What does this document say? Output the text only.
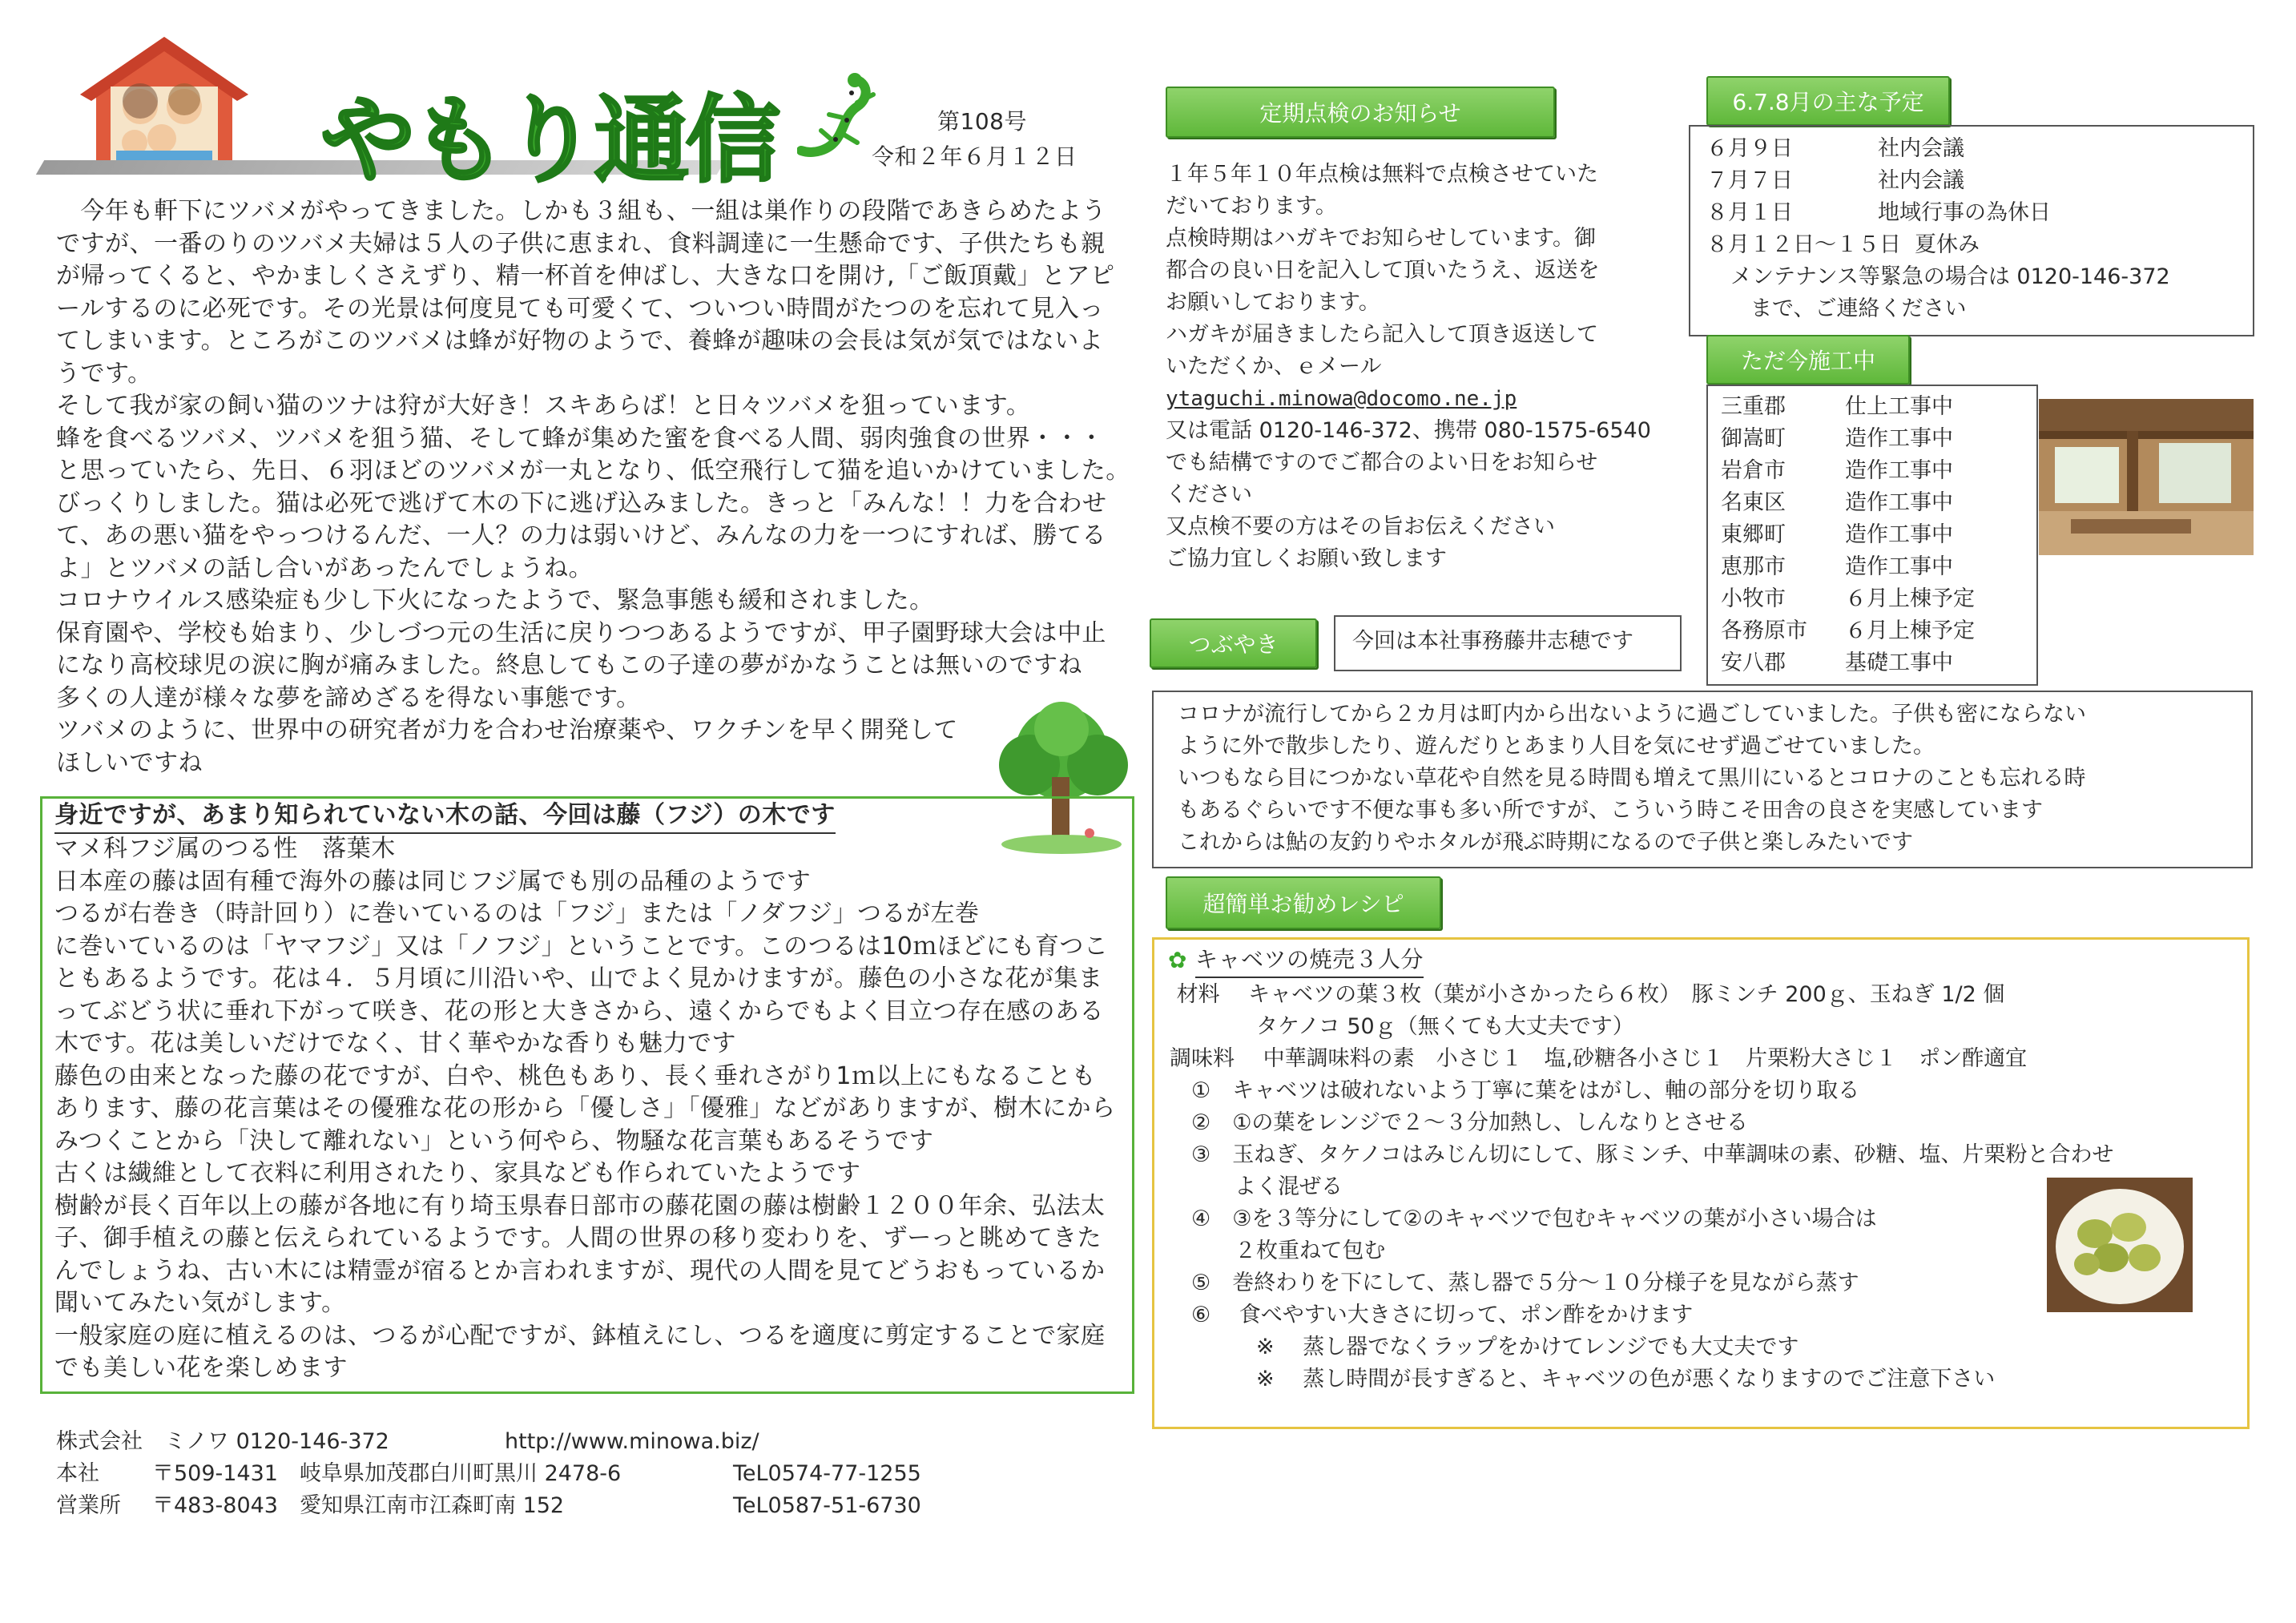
やもり通信	第108号
令和２年６月１２日
　今年も軒下にツバメがやってきました。しかも３組も、一組は巣作りの段階であきらめたよう
ですが、一番のりのツバメ夫婦は５人の子供に恵まれ、食料調達に一生懸命です、子供たちも親
が帰ってくると、やかましくさえずり、精一杯首を伸ばし、大きな口を開け,「ご飯頂戴」とアピ
ールするのに必死です。その光景は何度見ても可愛くて、ついつい時間がたつのを忘れて見入っ
てしまいます。ところがこのツバメは蜂が好物のようで、養蜂が趣味の会長は気が気ではないよ
うです。
そして我が家の飼い猫のツナは狩が大好き！スキあらば！と日々ツバメを狙っています。
蜂を食べるツバメ、ツバメを狙う猫、そして蜂が集めた蜜を食べる人間、弱肉強食の世界・・・
と思っていたら、先日、６羽ほどのツバメが一丸となり、低空飛行して猫を追いかけていました。
びっくりしました。猫は必死で逃げて木の下に逃げ込みました。きっと「みんな！！力を合わせ
て、あの悪い猫をやっつけるんだ、一人？の力は弱いけど、みんなの力を一つにすれば、勝てる
よ」とツバメの話し合いがあったんでしょうね。
コロナウイルス感染症も少し下火になったようで、緊急事態も緩和されました。
保育園や、学校も始まり、少しづつ元の生活に戻りつつあるようですが、甲子園野球大会は中止
になり高校球児の涙に胸が痛みました。終息してもこの子達の夢がかなうことは無いのですね
多くの人達が様々な夢を諦めざるを得ない事態です。
ツバメのように、世界中の研究者が力を合わせ治療薬や、ワクチンを早く開発して
ほしいですね
身近ですが、あまり知られていない木の話、今回は藤（フジ）の木です
マメ科フジ属のつる性　落葉木
日本産の藤は固有種で海外の藤は同じフジ属でも別の品種のようです
つるが右巻き（時計回り）に巻いているのは「フジ」または「ノダフジ」つるが左巻
に巻いているのは「ヤマフジ」又は「ノフジ」ということです。このつるは10ｍほどにも育つこ
ともあるようです。花は４．５月頃に川沿いや、山でよく見かけますが。藤色の小さな花が集ま
ってぶどう状に垂れ下がって咲き、花の形と大きさから、遠くからでもよく目立つ存在感のある
木です。花は美しいだけでなく、甘く華やかな香りも魅力です
藤色の由来となった藤の花ですが、白や、桃色もあり、長く垂れさがり1ｍ以上にもなることも
あります、藤の花言葉はその優雅な花の形から「優しさ」「優雅」などがありますが、樹木にから
みつくことから「決して離れない」という何やら、物騒な花言葉もあるそうです
古くは繊維として衣料に利用されたり、家具なども作られていたようです
樹齢が長く百年以上の藤が各地に有り埼玉県春日部市の藤花園の藤は樹齢１２００年余、弘法太
子、御手植えの藤と伝えられているようです。人間の世界の移り変わりを、ずーっと眺めてきた
んでしょうね、古い木には精霊が宿るとか言われますが、現代の人間を見てどうおもっているか
聞いてみたい気がします。
一般家庭の庭に植えるのは、つるが心配ですが、鉢植えにし、つるを適度に剪定することで家庭
でも美しい花を楽しめます
株式会社　ミノワ 0120-146-372	http://www.minowa.biz/
本社	〒509-1431　岐阜県加茂郡白川町黒川 2478-6	TeL0574-77-1255
営業所	〒483-8043　愛知県江南市江森町南 152	TeL0587-51-6730
定期点検のお知らせ
１年５年１０年点検は無料で点検させていた
だいております。
点検時期はハガキでお知らせしています。御
都合の良い日を記入して頂いたうえ、返送を
お願いしております。
ハガキが届きましたら記入して頂き返送して
いただくか、ｅメール
ytaguchi.minowa@docomo.ne.jp
又は電話 0120-146-372、携帯 080-1575-6540
でも結構ですのでご都合のよい日をお知らせ
ください
又点検不要の方はその旨お伝えください
ご協力宜しくお願い致します
6.7.8月の主な予定
６月９日	社内会議
７月７日	社内会議
８月１日	地域行事の為休日
８月１２日～１５日 夏休み
メンテナンス等緊急の場合は 0120-146-372
まで、ご連絡ください
ただ今施工中
三重郡	仕上工事中
御嵩町	造作工事中
岩倉市	造作工事中
名東区	造作工事中
東郷町	造作工事中
恵那市	造作工事中
小牧市	６月上棟予定
各務原市	６月上棟予定
安八郡	基礎工事中
つぶやき	今回は本社事務藤井志穂です
コロナが流行してから２カ月は町内から出ないように過ごしていました。子供も密にならない
ように外で散歩したり、遊んだりとあまり人目を気にせず過ごせていました。
いつもなら目につかない草花や自然を見る時間も増えて黒川にいるとコロナのことも忘れる時
もあるぐらいです不便な事も多い所ですが、こういう時こそ田舎の良さを実感しています
これからは鮎の友釣りやホタルが飛ぶ時期になるので子供と楽しみたいです
超簡単お勧めレシピ
✿ キャベツの焼売３人分
材料　 キャベツの葉３枚（葉が小さかったら６枚）　豚ミンチ 200ｇ、玉ねぎ 1/2 個
　　　　タケノコ 50ｇ（無くても大丈夫です）
調味料　 中華調味料の素　小さじ１　塩,砂糖各小さじ１　片栗粉大さじ１　ポン酢適宜
　①　キャベツは破れないよう丁寧に葉をはがし、軸の部分を切り取る
　②　①の葉をレンジで２～３分加熱し、しんなりとさせる
　③　玉ねぎ、タケノコはみじん切にして、豚ミンチ、中華調味の素、砂糖、塩、片栗粉と合わせ
　　　よく混ぜる
　④　③を３等分にして②のキャベツで包むキャベツの葉が小さい場合は
　　　２枚重ねて包む
　⑤　巻終わりを下にして、蒸し器で５分～１０分様子を見ながら蒸す
　⑥　 食べやすい大きさに切って、ポン酢をかけます
　　　　※　 蒸し器でなくラップをかけてレンジでも大丈夫です
　　　　※　 蒸し時間が長すぎると、キャベツの色が悪くなりますのでご注意下さい
